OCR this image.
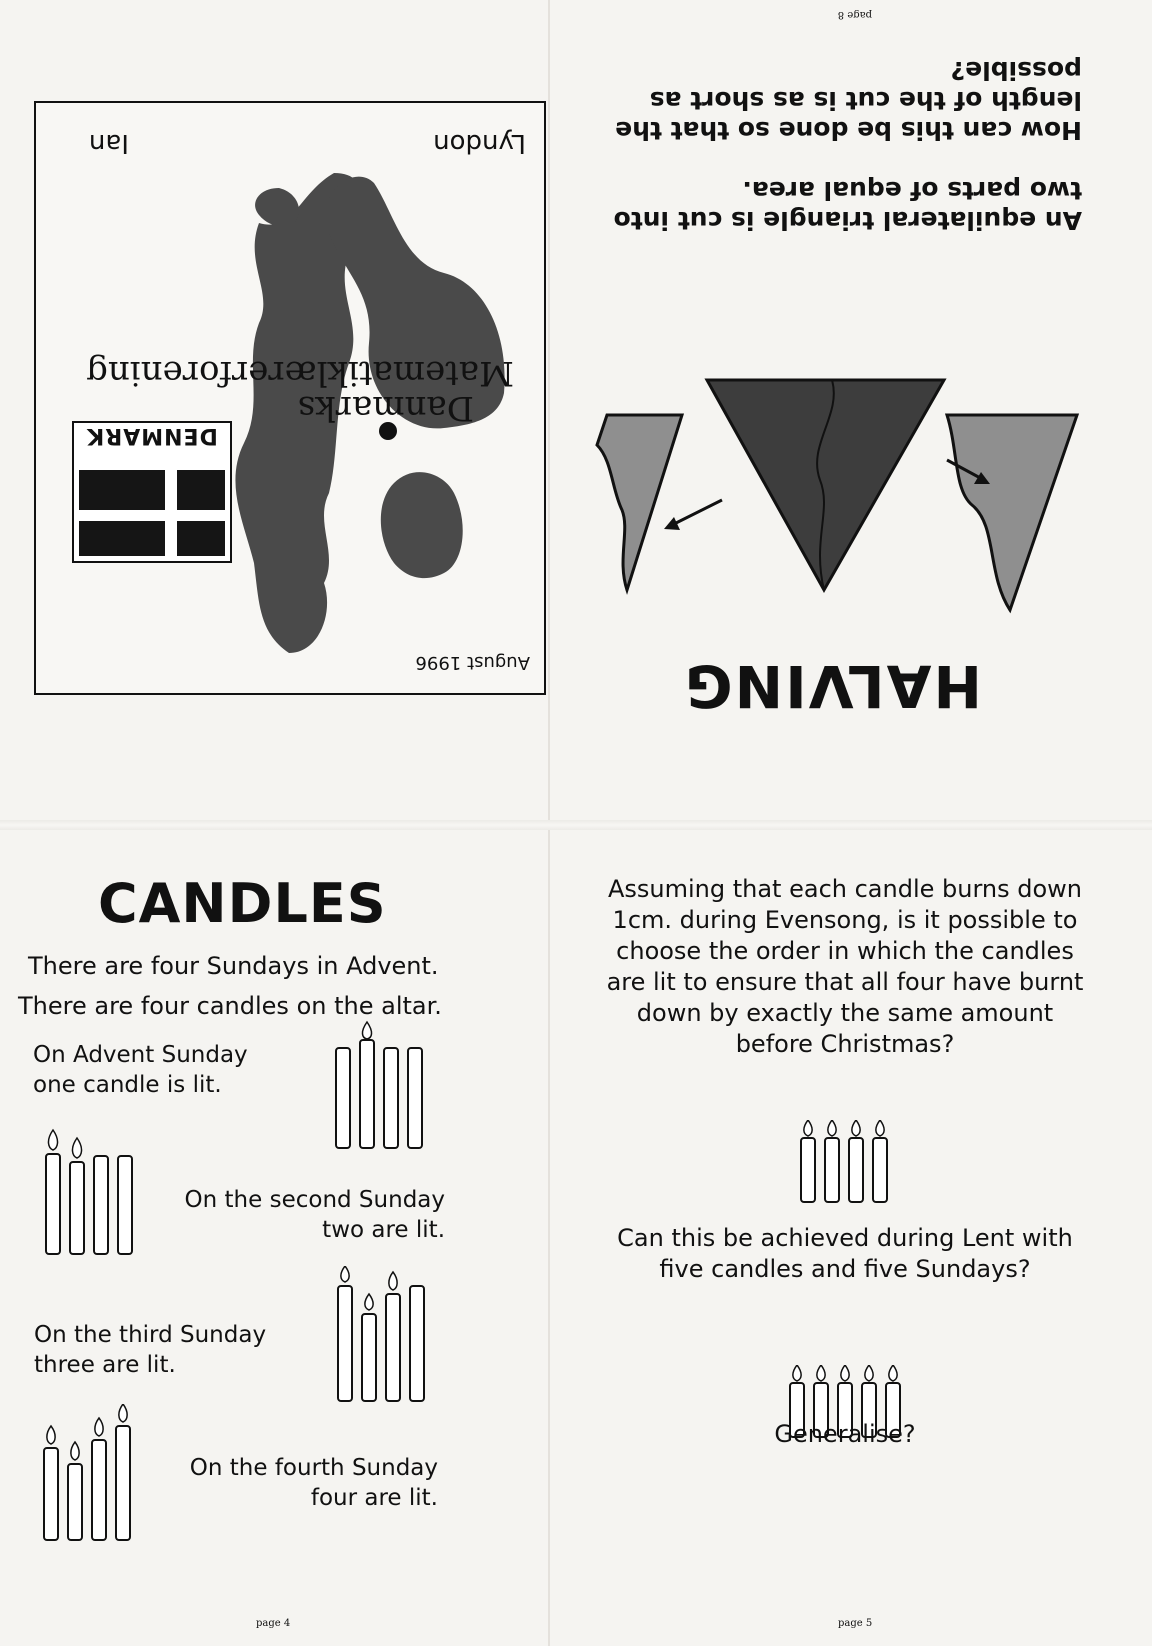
HALVING
An equilateral triangle is cut into two parts of equal area.
How can this be done so that the length of the cut is as short as possible?
page 8
August 1996
DENMARK
Danmarks
Matematiklærerforening
Lyndon
Ian
CANDLES
There are four Sundays in Advent.
There are four candles on the altar.
On Advent Sunday
one candle is lit.
On the second Sunday
two are lit.
On the third Sunday
three are lit.
On the fourth Sunday
four are lit.
page 4
Assuming that each candle burns down 1cm. during Evensong, is it possible to choose the order in which the candles are lit to ensure that all four have burnt down by exactly the same amount before Christmas?
Can this be achieved during Lent with five candles and five Sundays?
Generalise?
page 5
